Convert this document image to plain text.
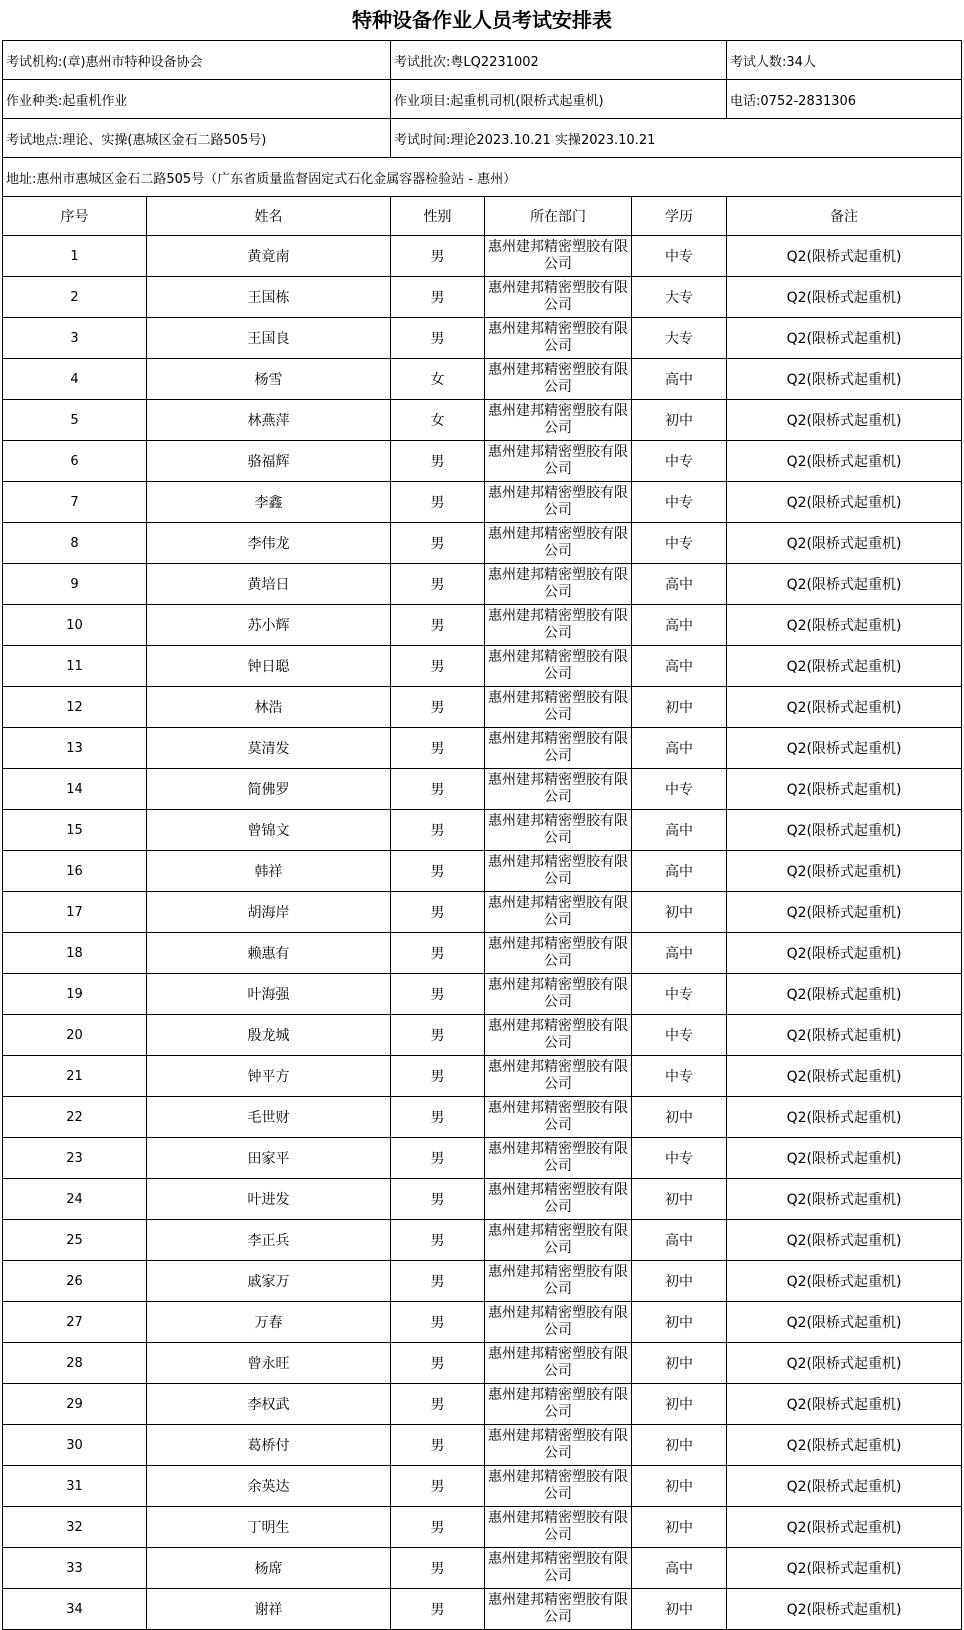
特种设备作业人员考试安排表
考试机构:(章)惠州市特种设备协会		考试批次:粤LQ2231002			考试人数:34人
作业种类:起重机作业		作业项目:起重机司机(限桥式起重机)			电话:0752-2831306
考试地点:理论、实操(惠城区金石二路505号)		考试时间:理论2023.10.21 实操2023.10.21			
地址:惠州市惠城区金石二路505号（广东省质量监督固定式石化金属容器检验站 - 惠州）					
序号	姓名	性别	所在部门	学历	备注
1	黄竟南	男	惠州建邦精密塑胶有限公司	中专	Q2(限桥式起重机)
2	王国栋	男	惠州建邦精密塑胶有限公司	大专	Q2(限桥式起重机)
3	王国良	男	惠州建邦精密塑胶有限公司	大专	Q2(限桥式起重机)
4	杨雪	女	惠州建邦精密塑胶有限公司	高中	Q2(限桥式起重机)
5	林燕萍	女	惠州建邦精密塑胶有限公司	初中	Q2(限桥式起重机)
6	骆福辉	男	惠州建邦精密塑胶有限公司	中专	Q2(限桥式起重机)
7	李鑫	男	惠州建邦精密塑胶有限公司	中专	Q2(限桥式起重机)
8	李伟龙	男	惠州建邦精密塑胶有限公司	中专	Q2(限桥式起重机)
9	黄培日	男	惠州建邦精密塑胶有限公司	高中	Q2(限桥式起重机)
10	苏小辉	男	惠州建邦精密塑胶有限公司	高中	Q2(限桥式起重机)
11	钟日聪	男	惠州建邦精密塑胶有限公司	高中	Q2(限桥式起重机)
12	林浩	男	惠州建邦精密塑胶有限公司	初中	Q2(限桥式起重机)
13	莫清发	男	惠州建邦精密塑胶有限公司	高中	Q2(限桥式起重机)
14	简佛罗	男	惠州建邦精密塑胶有限公司	中专	Q2(限桥式起重机)
15	曾锦文	男	惠州建邦精密塑胶有限公司	高中	Q2(限桥式起重机)
16	韩祥	男	惠州建邦精密塑胶有限公司	高中	Q2(限桥式起重机)
17	胡海岸	男	惠州建邦精密塑胶有限公司	初中	Q2(限桥式起重机)
18	赖惠有	男	惠州建邦精密塑胶有限公司	高中	Q2(限桥式起重机)
19	叶海强	男	惠州建邦精密塑胶有限公司	中专	Q2(限桥式起重机)
20	殷龙城	男	惠州建邦精密塑胶有限公司	中专	Q2(限桥式起重机)
21	钟平方	男	惠州建邦精密塑胶有限公司	中专	Q2(限桥式起重机)
22	毛世财	男	惠州建邦精密塑胶有限公司	初中	Q2(限桥式起重机)
23	田家平	男	惠州建邦精密塑胶有限公司	中专	Q2(限桥式起重机)
24	叶进发	男	惠州建邦精密塑胶有限公司	初中	Q2(限桥式起重机)
25	李正兵	男	惠州建邦精密塑胶有限公司	高中	Q2(限桥式起重机)
26	戚家万	男	惠州建邦精密塑胶有限公司	初中	Q2(限桥式起重机)
27	万春	男	惠州建邦精密塑胶有限公司	初中	Q2(限桥式起重机)
28	曾永旺	男	惠州建邦精密塑胶有限公司	初中	Q2(限桥式起重机)
29	李权武	男	惠州建邦精密塑胶有限公司	初中	Q2(限桥式起重机)
30	葛桥付	男	惠州建邦精密塑胶有限公司	初中	Q2(限桥式起重机)
31	余英达	男	惠州建邦精密塑胶有限公司	初中	Q2(限桥式起重机)
32	丁明生	男	惠州建邦精密塑胶有限公司	初中	Q2(限桥式起重机)
33	杨席	男	惠州建邦精密塑胶有限公司	高中	Q2(限桥式起重机)
34	谢祥	男	惠州建邦精密塑胶有限公司	初中	Q2(限桥式起重机)
